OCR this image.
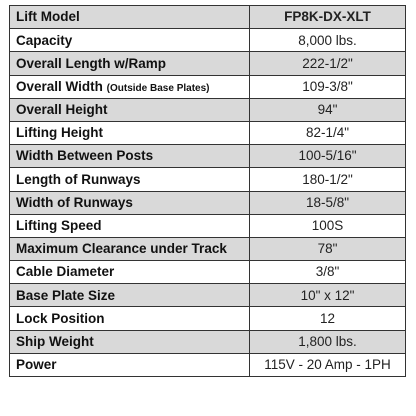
Lift Model	FP8K-DX-XLT
Capacity	8,000 lbs.
Overall Length w/Ramp	222-1/2"
Overall Width (Outside Base Plates)	109-3/8"
Overall Height	94"
Lifting Height	82-1/4"
Width Between Posts	100-5/16"
Length of Runways	180-1/2"
Width of Runways	18-5/8"
Lifting Speed	100S
Maximum Clearance under Track	78"
Cable Diameter	3/8"
Base Plate Size	10" x 12"
Lock Position	12
Ship Weight	1,800 lbs.
Power	115V - 20 Amp - 1PH
